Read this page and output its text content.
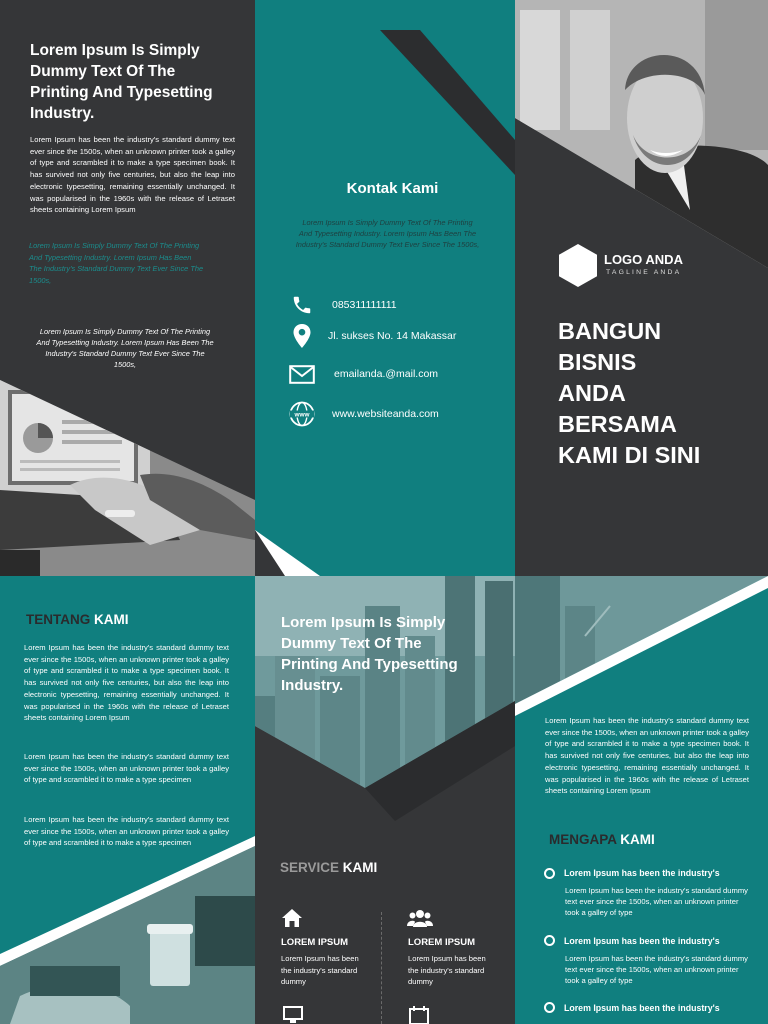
Lorem Ipsum Is Simply Dummy Text Of The Printing And Typesetting Industry.
Lorem Ipsum has been the industry's standard dummy text ever since the 1500s, when an unknown printer took a galley of type and scrambled it to make a type specimen book. It has survived not only five centuries, but also the leap into electronic typesetting, remaining essentially unchanged. It was popularised in the 1960s with the release of Letraset sheets containing Lorem Ipsum
Lorem Ipsum Is Simply Dummy Text Of The Printing And Typesetting Industry. Lorem Ipsum Has Been The Industry's Standard Dummy Text Ever Since The 1500s,
Lorem Ipsum Is Simply Dummy Text Of The Printing And Typesetting Industry. Lorem Ipsum Has Been The Industry's Standard Dummy Text Ever Since The 1500s,
Kontak Kami
Lorem Ipsum Is Simply Dummy Text Of The Printing And Typesetting Industry. Lorem Ipsum Has Been The Industry's Standard Dummy Text Ever Since The 1500s,
085311111111
Jl. sukses No. 14 Makassar
emailanda.@mail.com
www www.websiteanda.com
LOGO ANDA
TAGLINE ANDA
BANGUN
BISNIS
ANDA
BERSAMA
KAMI DI SINI
TENTANG KAMI
Lorem Ipsum has been the industry's standard dummy text ever since the 1500s, when an unknown printer took a galley of type and scrambled it to make a type specimen book. It has survived not only five centuries, but also the leap into electronic typesetting, remaining essentially unchanged. It was popularised in the 1960s with the release of Letraset sheets containing Lorem Ipsum
Lorem Ipsum has been the industry's standard dummy text ever since the 1500s, when an unknown printer took a galley of type and scrambled it to make a type specimen
Lorem Ipsum has been the industry's standard dummy text ever since the 1500s, when an unknown printer took a galley of type and scrambled it to make a type specimen
Lorem Ipsum Is Simply Dummy Text Of The Printing And Typesetting Industry.
SERVICE KAMI
LOREM IPSUM
Lorem Ipsum has been the industry's standard dummy
LOREM IPSUM
Lorem Ipsum has been the industry's standard dummy
Lorem Ipsum has been the industry's standard dummy text ever since the 1500s, when an unknown printer took a galley of type and scrambled it to make a type specimen book. It has survived not only five centuries, but also the leap into electronic typesetting, remaining essentially unchanged. It was popularised in the 1960s with the release of Letraset sheets containing Lorem Ipsum
MENGAPA KAMI
Lorem Ipsum has been the industry's
Lorem Ipsum has been the industry's standard dummy text ever since the 1500s, when an unknown printer took a galley of type
Lorem Ipsum has been the industry's
Lorem Ipsum has been the industry's standard dummy text ever since the 1500s, when an unknown printer took a galley of type
Lorem Ipsum has been the industry's
